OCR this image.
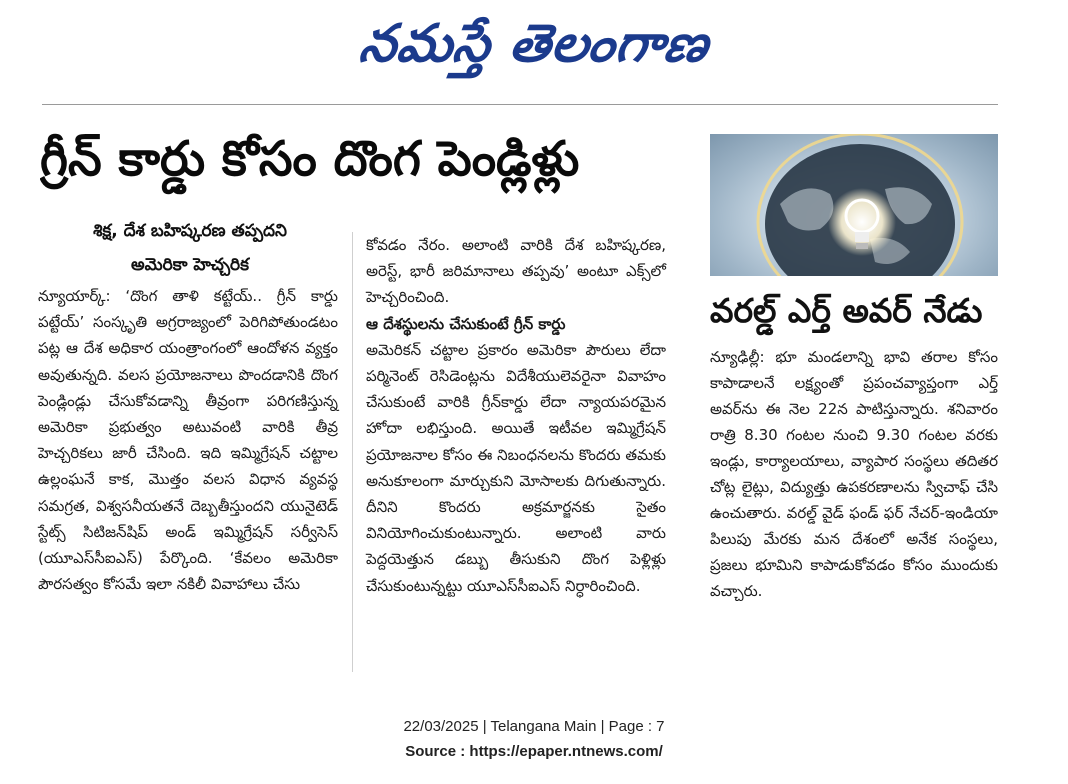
నమస్తే తెలంగాణ
గ్రీన్ కార్డు కోసం దొంగ పెండ్లిళ్లు
శిక్ష, దేశ బహిష్కరణ తప్పదని
అమెరికా హెచ్చరిక

న్యూయార్క్: ‘దొంగ తాళి కట్టేయ్.. గ్రీన్ కార్డు పట్టేయ్’ సంస్కృతి అగ్రరాజ్యంలో పెరిగిపోతుండటం పట్ల ఆ దేశ అధికార యంత్రాంగంలో ఆందోళన వ్యక్తం అవుతున్నది. వలస ప్రయోజనాలు పొందడానికి దొంగ పెండ్లిండ్లు చేసుకోవడాన్ని తీవ్రంగా పరిగణిస్తున్న అమెరికా ప్రభుత్వం అటువంటి వారికి తీవ్ర హెచ్చరికలు జారీ చేసింది. ఇది ఇమ్మిగ్రేషన్ చట్టాల ఉల్లంఘనే కాక, మొత్తం వలస విధాన వ్యవస్థ సమగ్రత, విశ్వసనీయతనే దెబ్బతీస్తుందని యునైటెడ్ స్టేట్స్ సిటిజన్‌షిప్ అండ్ ఇమ్మిగ్రేషన్ సర్వీసెస్ (యూఎస్‌సీఐఎస్) పేర్కొంది. ‘కేవలం అమెరికా పౌరసత్వం కోసమే ఇలా నకిలీ వివాహాలు చేసు

కోవడం నేరం. అలాంటి వారికి దేశ బహిష్కరణ, అరెస్ట్, భారీ జరిమానాలు తప్పవు’ అంటూ ఎక్స్‌లో హెచ్చరించింది.

ఆ దేశస్థులను చేసుకుంటే గ్రీన్ కార్డు

అమెరికన్ చట్టాల ప్రకారం అమెరికా పౌరులు లేదా పర్మినెంట్ రెసిడెంట్లను విదేశీయులెవరైనా వివాహం చేసుకుంటే వారికి గ్రీన్‌కార్డు లేదా న్యాయపరమైన హోదా లభిస్తుంది. అయితే ఇటీవల ఇమ్మిగ్రేషన్ ప్రయోజనాల కోసం ఈ నిబంధనలను కొందరు తమకు అనుకూలంగా మార్చుకుని మోసాలకు దిగుతున్నారు. దీనిని కొందరు అక్రమార్జనకు సైతం వినియోగించుకుంటున్నారు. అలాంటి వారు పెద్దయెత్తున డబ్బు తీసుకుని దొంగ పెళ్లిళ్లు చేసుకుంటున్నట్టు యూఎస్‌సీఐఎస్ నిర్ధారించింది.

వరల్డ్ ఎర్త్ అవర్ నేడు
న్యూఢిల్లీ: భూ మండలాన్ని భావి తరాల కోసం కాపాడాలనే లక్ష్యంతో ప్రపంచవ్యాప్తంగా ఎర్త్ అవర్‌ను ఈ నెల 22న పాటిస్తున్నారు. శనివారం రాత్రి 8.30 గంటల నుంచి 9.30 గంటల వరకు ఇండ్లు, కార్యాలయాలు, వ్యాపార సంస్థలు తదితర చోట్ల లైట్లు, విద్యుత్తు ఉపకరణాలను స్విచాఫ్ చేసి ఉంచుతారు. వరల్డ్ వైడ్ ఫండ్ ఫర్ నేచర్-ఇండియా పిలుపు మేరకు మన దేశంలో అనేక సంస్థలు, ప్రజలు భూమిని కాపాడుకోవడం కోసం ముందుకు వచ్చారు.
22/03/2025 | Telangana Main | Page : 7
Source : https://epaper.ntnews.com/
